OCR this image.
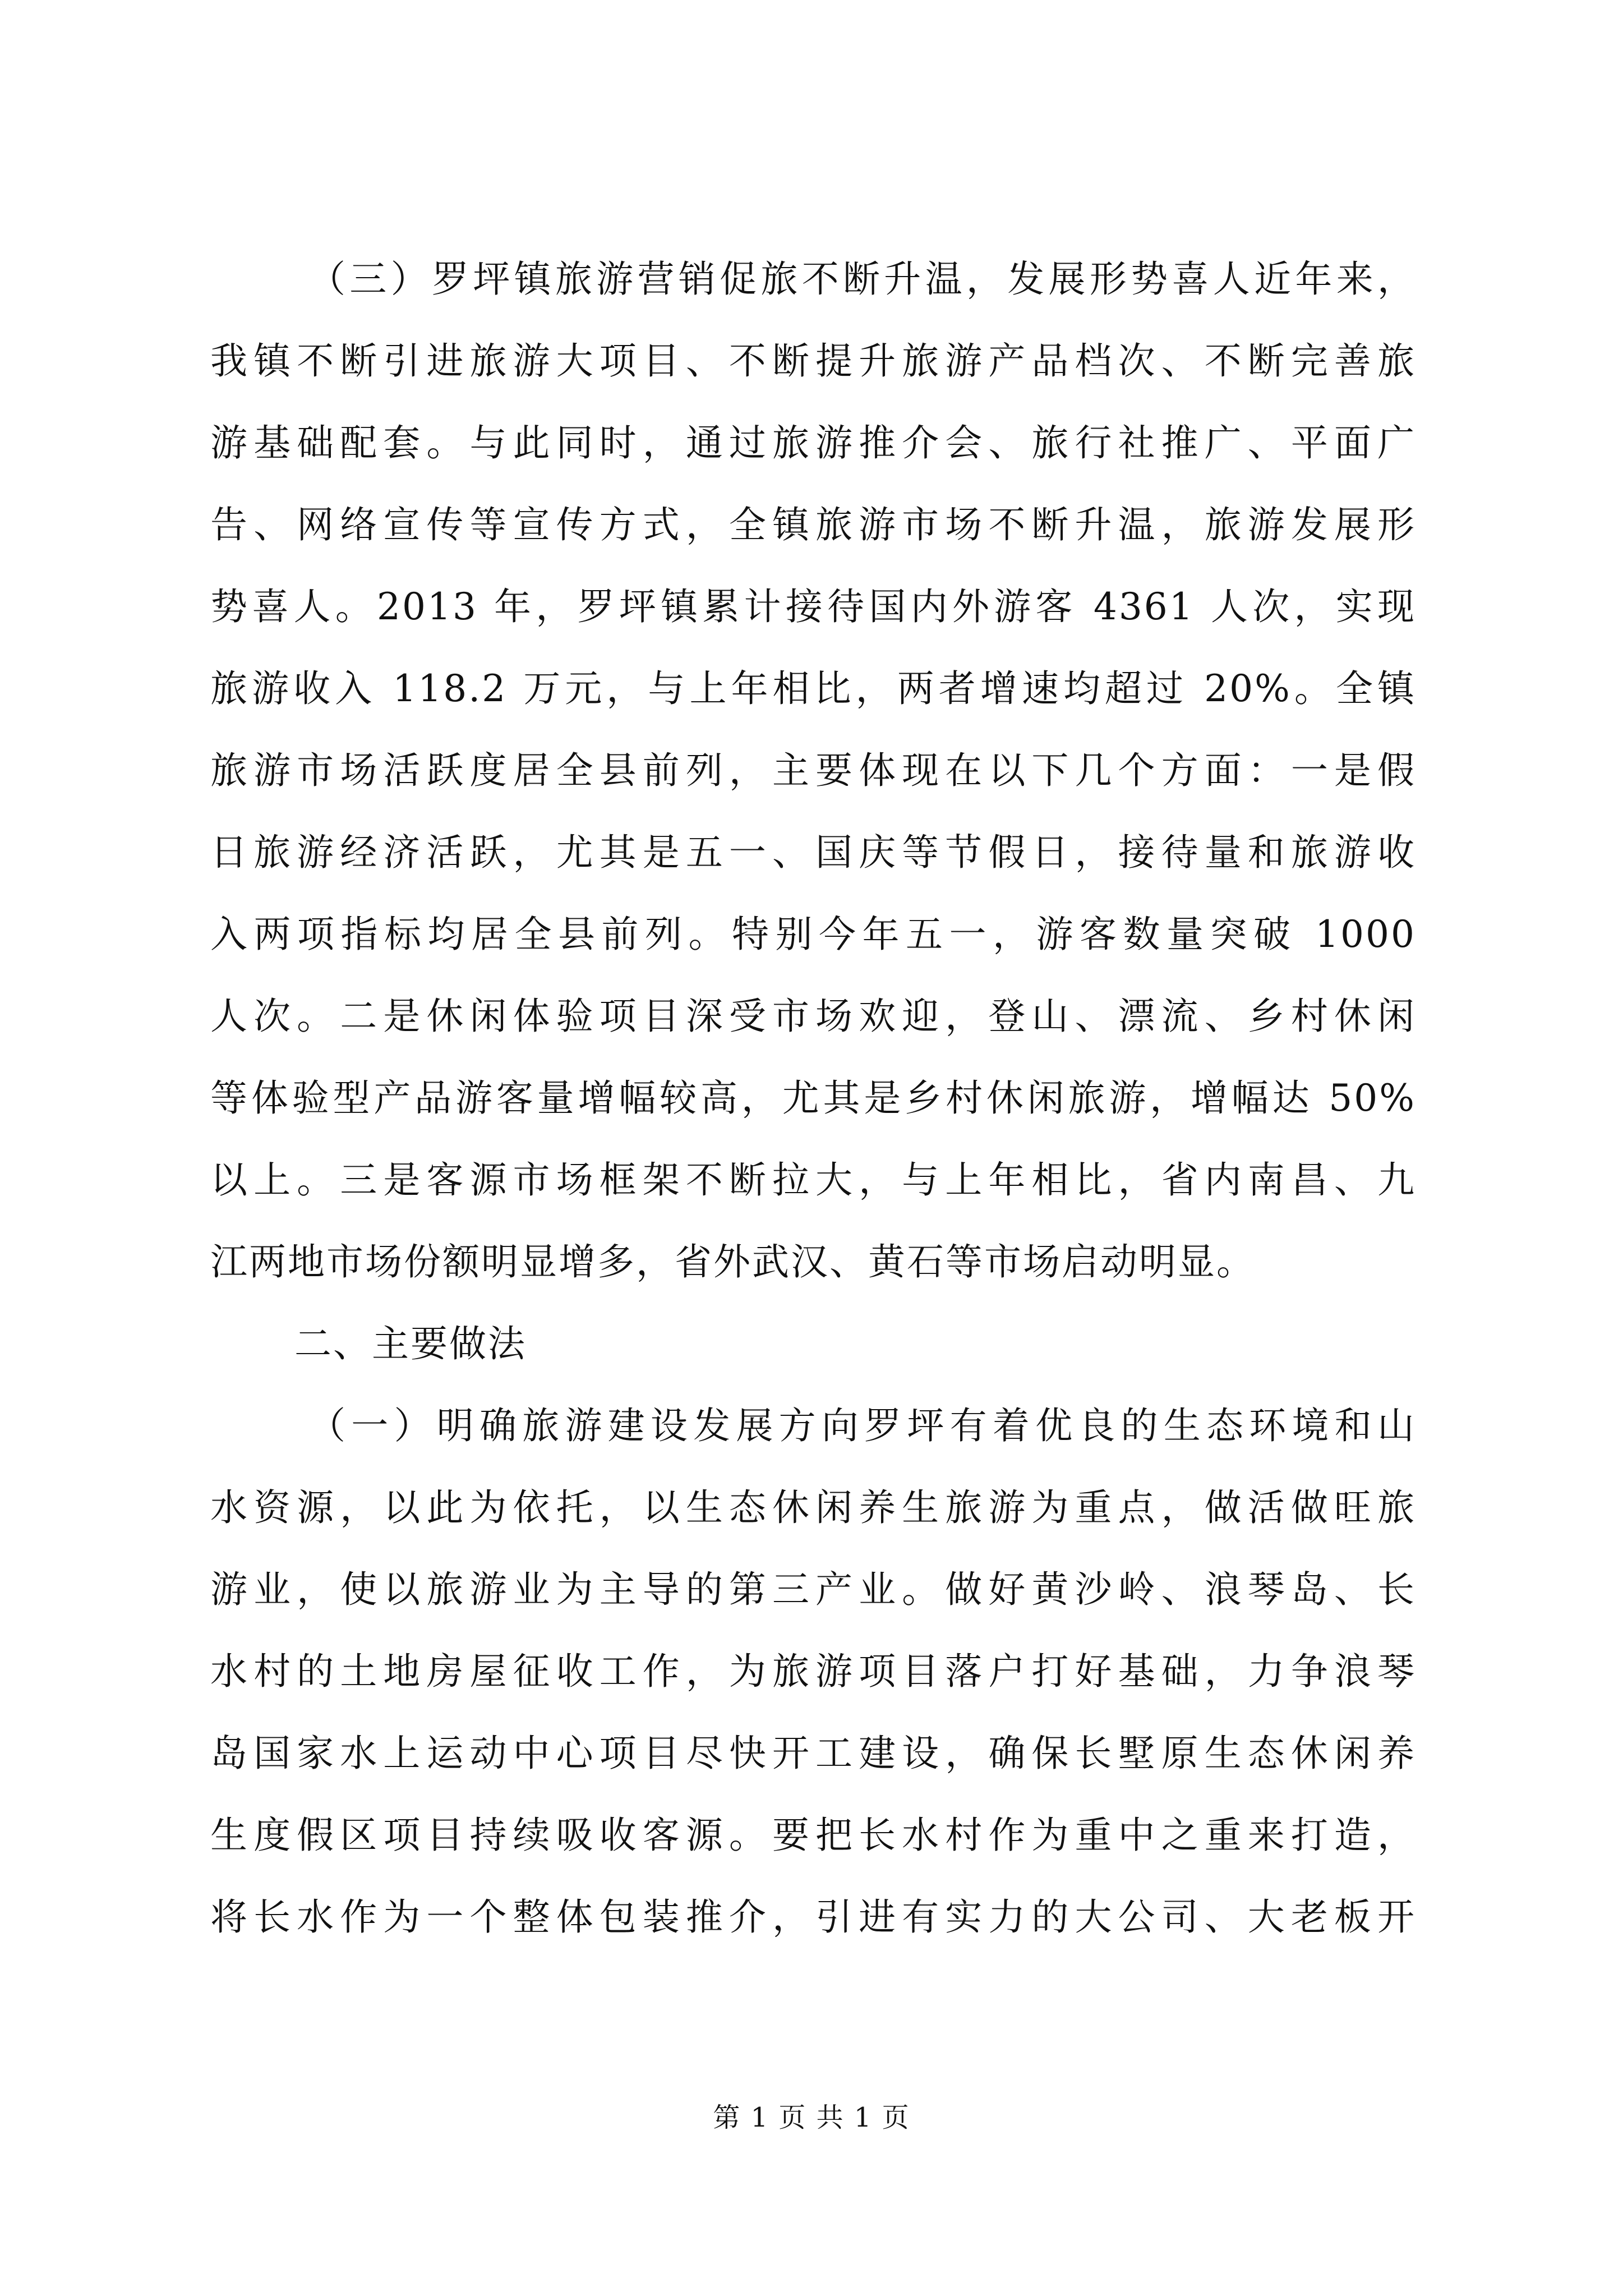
（三）罗坪镇旅游营销促旅不断升温，发展形势喜人近年来，
我镇不断引进旅游大项目、不断提升旅游产品档次、不断完善旅
游基础配套。与此同时，通过旅游推介会、旅行社推广、平面广
告、网络宣传等宣传方式，全镇旅游市场不断升温，旅游发展形
势喜人。2013 年，罗坪镇累计接待国内外游客 4361 人次，实现
旅游收入 118.2 万元，与上年相比，两者增速均超过 20%。全镇
旅游市场活跃度居全县前列，主要体现在以下几个方面：一是假
日旅游经济活跃，尤其是五一、国庆等节假日，接待量和旅游收
入两项指标均居全县前列。特别今年五一，游客数量突破 1000
人次。二是休闲体验项目深受市场欢迎，登山、漂流、乡村休闲
等体验型产品游客量增幅较高，尤其是乡村休闲旅游，增幅达 50%
以上。三是客源市场框架不断拉大，与上年相比，省内南昌、九
江两地市场份额明显增多，省外武汉、黄石等市场启动明显。
二、主要做法
（一）明确旅游建设发展方向罗坪有着优良的生态环境和山
水资源，以此为依托，以生态休闲养生旅游为重点，做活做旺旅
游业，使以旅游业为主导的第三产业。做好黄沙岭、浪琴岛、长
水村的土地房屋征收工作，为旅游项目落户打好基础，力争浪琴
岛国家水上运动中心项目尽快开工建设，确保长墅原生态休闲养
生度假区项目持续吸收客源。要把长水村作为重中之重来打造，
将长水作为一个整体包装推介，引进有实力的大公司、大老板开
第 1 页 共 1 页
